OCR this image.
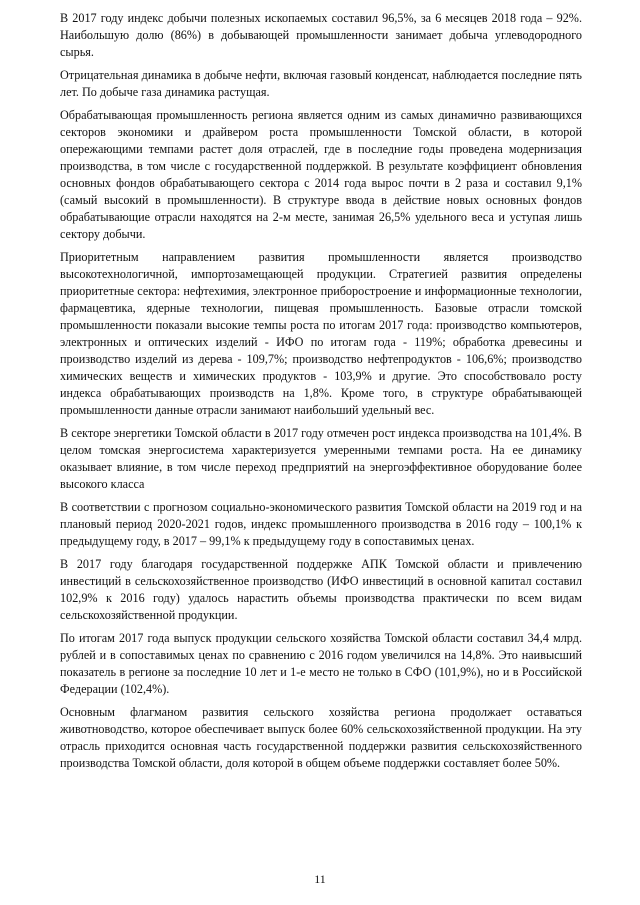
В 2017 году индекс добычи полезных ископаемых составил 96,5%, за 6 месяцев 2018 года – 92%. Наибольшую долю (86%) в добывающей промышленности занимает добыча углеводородного сырья.

Отрицательная динамика в добыче нефти, включая газовый конденсат, наблюдается последние пять лет. По добыче газа динамика растущая.

Обрабатывающая промышленность региона является одним из самых динамично развивающихся секторов экономики и драйвером роста промышленности Томской области, в которой опережающими темпами растет доля отраслей, где в последние годы проведена модернизация производства, в том числе с государственной поддержкой. В результате коэффициент обновления основных фондов обрабатывающего сектора с 2014 года вырос почти в 2 раза и составил 9,1% (самый высокий в промышленности). В структуре ввода в действие новых основных фондов обрабатывающие отрасли находятся на 2-м месте, занимая 26,5% удельного веса и уступая лишь сектору добычи.

Приоритетным направлением развития промышленности является производство высокотехнологичной, импортозамещающей продукции. Стратегией развития определены приоритетные сектора: нефтехимия, электронное приборостроение и информационные технологии, фармацевтика, ядерные технологии, пищевая промышленность. Базовые отрасли томской промышленности показали высокие темпы роста по итогам 2017 года: производство компьютеров, электронных и оптических изделий - ИФО по итогам года - 119%; обработка древесины и производство изделий из дерева - 109,7%; производство нефтепродуктов - 106,6%; производство химических веществ и химических продуктов - 103,9% и другие. Это способствовало росту индекса обрабатывающих производств на 1,8%. Кроме того, в структуре обрабатывающей промышленности данные отрасли занимают наибольший удельный вес.

В секторе энергетики Томской области в 2017 году отмечен рост индекса производства на 101,4%. В целом томская энергосистема характеризуется умеренными темпами роста. На ее динамику оказывает влияние, в том числе переход предприятий на энергоэффективное оборудование более высокого класса

В соответствии с прогнозом социально-экономического развития Томской области на 2019 год и на плановый период 2020-2021 годов, индекс промышленного производства в 2016 году – 100,1% к предыдущему году, в 2017 – 99,1% к предыдущему году в сопоставимых ценах.

В 2017 году благодаря государственной поддержке АПК Томской области и привлечению инвестиций в сельскохозяйственное производство (ИФО инвестиций в основной капитал составил 102,9% к 2016 году) удалось нарастить объемы производства практически по всем видам сельскохозяйственной продукции.

По итогам 2017 года выпуск продукции сельского хозяйства Томской области составил 34,4 млрд. рублей и в сопоставимых ценах по сравнению с 2016 годом увеличился на 14,8%. Это наивысший показатель в регионе за последние 10 лет и 1-е место не только в СФО (101,9%), но и в Российской Федерации (102,4%).

Основным флагманом развития сельского хозяйства региона продолжает оставаться животноводство, которое обеспечивает выпуск более 60% сельскохозяйственной продукции. На эту отрасль приходится основная часть государственной поддержки развития сельскохозяйственного производства Томской области, доля которой в общем объеме поддержки составляет более 50%.

11
